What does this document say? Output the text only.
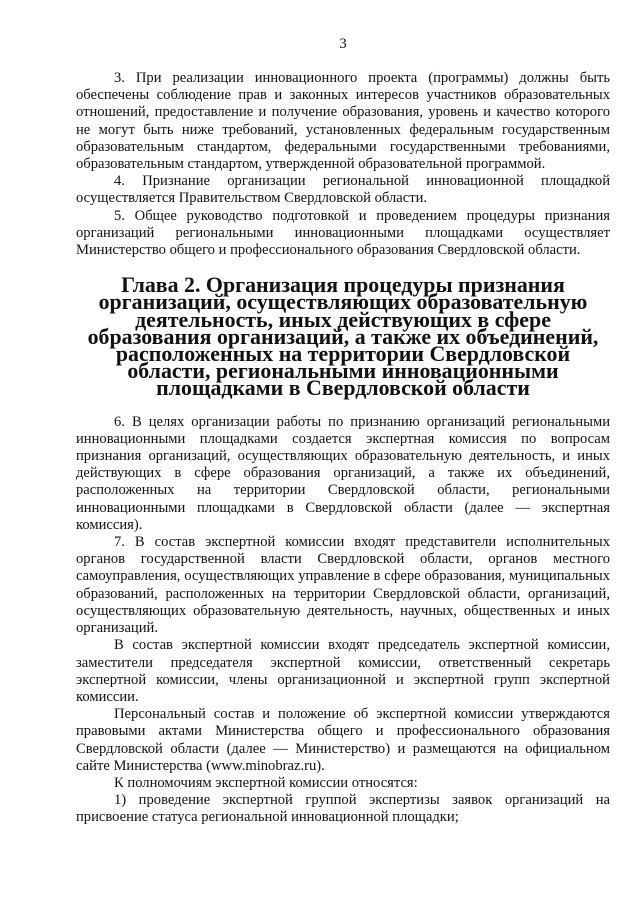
3

3. При реализации инновационного проекта (программы) должны быть обеспечены соблюдение прав и законных интересов участников образовательных отношений, предоставление и получение образования, уровень и качество которого не могут быть ниже требований, установленных федеральным государственным образовательным стандартом, федеральными государственными требованиями, образовательным стандартом, утвержденной образовательной программой.

4. Признание организации региональной инновационной площадкой осуществляется Правительством Свердловской области.

5. Общее руководство подготовкой и проведением процедуры признания организаций региональными инновационными площадками осуществляет Министерство общего и профессионального образования Свердловской области.

Глава 2. Организация процедуры признания организаций, осуществляющих образовательную деятельность, иных действующих в сфере образования организаций, а также их объединений, расположенных на территории Свердловской области, региональными инновационными площадками в Свердловской области

6. В целях организации работы по признанию организаций региональными инновационными площадками создается экспертная комиссия по вопросам признания организаций, осуществляющих образовательную деятельность, и иных действующих в сфере образования организаций, а также их объединений, расположенных на территории Свердловской области, региональными инновационными площадками в Свердловской области (далее — экспертная комиссия).

7. В состав экспертной комиссии входят представители исполнительных органов государственной власти Свердловской области, органов местного самоуправления, осуществляющих управление в сфере образования, муниципальных образований, расположенных на территории Свердловской области, организаций, осуществляющих образовательную деятельность, научных, общественных и иных организаций.

В состав экспертной комиссии входят председатель экспертной комиссии, заместители председателя экспертной комиссии, ответственный секретарь экспертной комиссии, члены организационной и экспертной групп экспертной комиссии.

Персональный состав и положение об экспертной комиссии утверждаются правовыми актами Министерства общего и профессионального образования Свердловской области (далее — Министерство) и размещаются на официальном сайте Министерства (www.minobraz.ru).

К полномочиям экспертной комиссии относятся:

1) проведение экспертной группой экспертизы заявок организаций на присвоение статуса региональной инновационной площадки;
